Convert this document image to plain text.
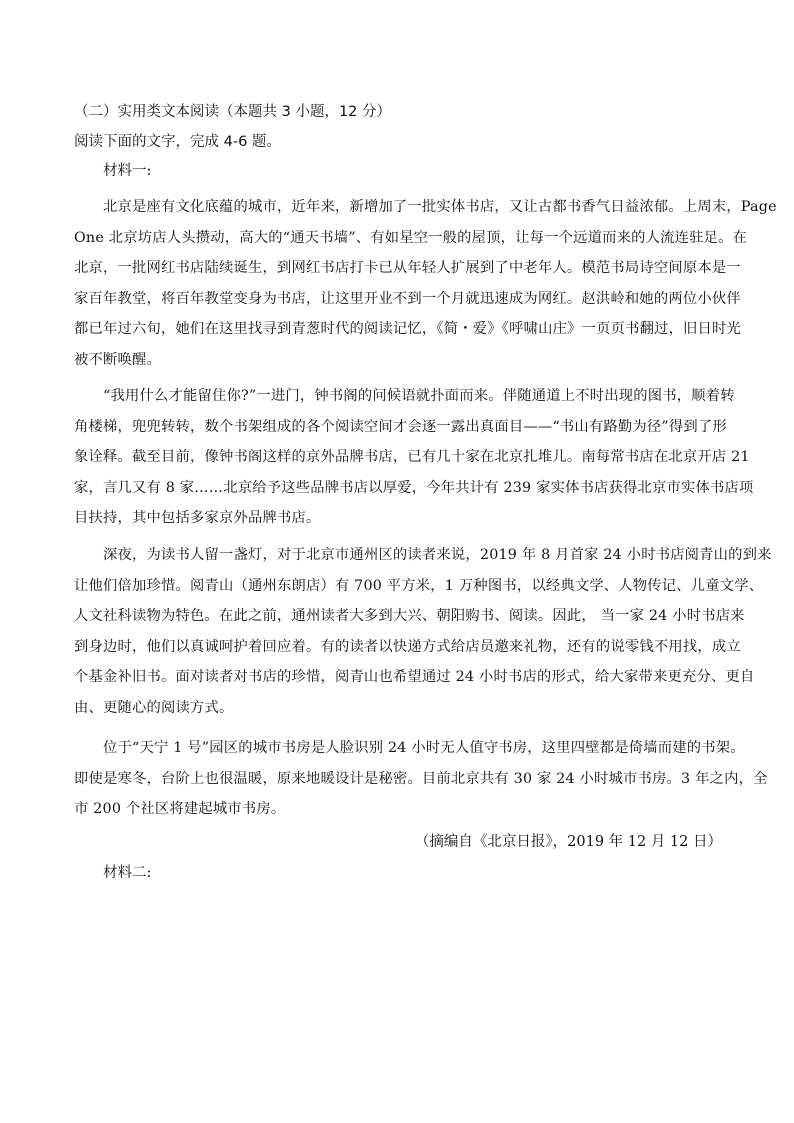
（二）实用类文本阅读（本题共 3 小题，12 分）
阅读下面的文字，完成 4-6 题。
材料一:
北京是座有文化底蕴的城市，近年来，新增加了一批实体书店，又让古都书香气日益浓郁。上周末，Page
One 北京坊店人头攒动，高大的“通天书墙”、有如星空一般的屋顶，让每一个远道而来的人流连驻足。在
北京，一批网红书店陆续诞生，到网红书店打卡已从年轻人扩展到了中老年人。模范书局诗空间原本是一
家百年教堂，将百年教堂变身为书店，让这里开业不到一个月就迅速成为网红。赵洪岭和她的两位小伙伴
都已年过六旬，她们在这里找寻到青葱时代的阅读记忆，《简・爱》《呼啸山庄》一页页书翻过，旧日时光
被不断唤醒。
“我用什么才能留住你?”一进门，钟书阁的问候语就扑面而来。伴随通道上不时出现的图书，顺着转
角楼梯，兜兜转转，数个书架组成的各个阅读空间才会逐一露出真面目——“书山有路勤为径”得到了形
象诠释。截至目前，像钟书阁这样的京外品牌书店，已有几十家在北京扎堆儿。南每常书店在北京开店 21
家，言几又有 8 家……北京给予这些品牌书店以厚爱，今年共计有 239 家实体书店获得北京市实体书店项
目扶持，其中包括多家京外品牌书店。
深夜，为读书人留一盏灯，对于北京市通州区的读者来说，2019 年 8 月首家 24 小时书店阅青山的到来
让他们倍加珍惜。阅青山（通州东朗店）有 700 平方米，1 万种图书，以经典文学、人物传记、儿童文学、
人文社科读物为特色。在此之前，通州读者大多到大兴、朝阳购书、阅读。因此， 当一家 24 小时书店来
到身边时，他们以真诚呵护着回应着。有的读者以快递方式给店员邀来礼物，还有的说零钱不用找，成立
个基金补旧书。面对读者对书店的珍惜，阅青山也希望通过 24 小时书店的形式，给大家带来更充分、更自
由、更随心的阅读方式。
位于“天宁 1 号”园区的城市书房是人脸识别 24 小时无人值守书房，这里四壁都是倚墙而建的书架。
即使是寒冬，台阶上也很温暖，原来地暖设计是秘密。目前北京共有 30 家 24 小时城市书房。3 年之内，全
市 200 个社区将建起城市书房。
（摘编自《北京日报》，2019 年 12 月 12 日）
材料二:
